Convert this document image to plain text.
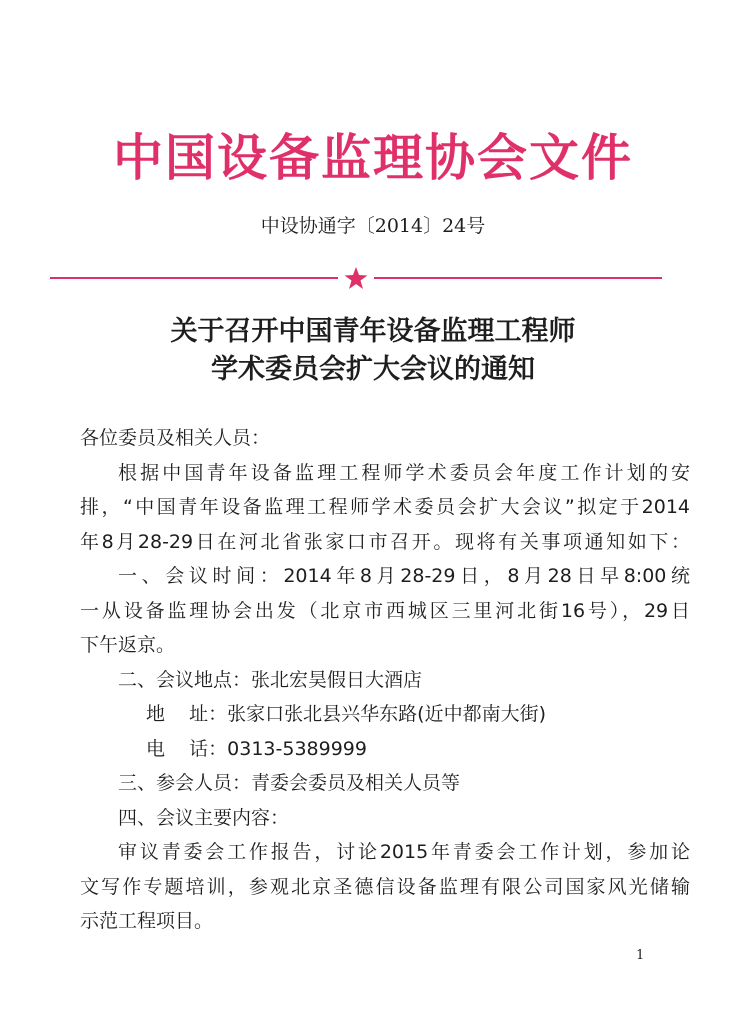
中国设备监理协会文件
中设协通字〔2014〕24号
关于召开中国青年设备监理工程师
学术委员会扩大会议的通知
各位委员及相关人员：
根据中国青年设备监理工程师学术委员会年度工作计划的安
排，“中国青年设备监理工程师学术委员会扩大会议”拟定于2014
年8月28-29日在河北省张家口市召开。现将有关事项通知如下：
一、会议时间：2014年8月28-29日，8月28日早8:00统
一从设备监理协会出发（北京市西城区三里河北街16号），29日
下午返京。
二、会议地点：张北宏昊假日大酒店
地    址：张家口张北县兴华东路(近中都南大街)
电    话：0313-5389999
三、参会人员：青委会委员及相关人员等
四、会议主要内容：
审议青委会工作报告，讨论2015年青委会工作计划，参加论
文写作专题培训，参观北京圣德信设备监理有限公司国家风光储输
示范工程项目。
1
